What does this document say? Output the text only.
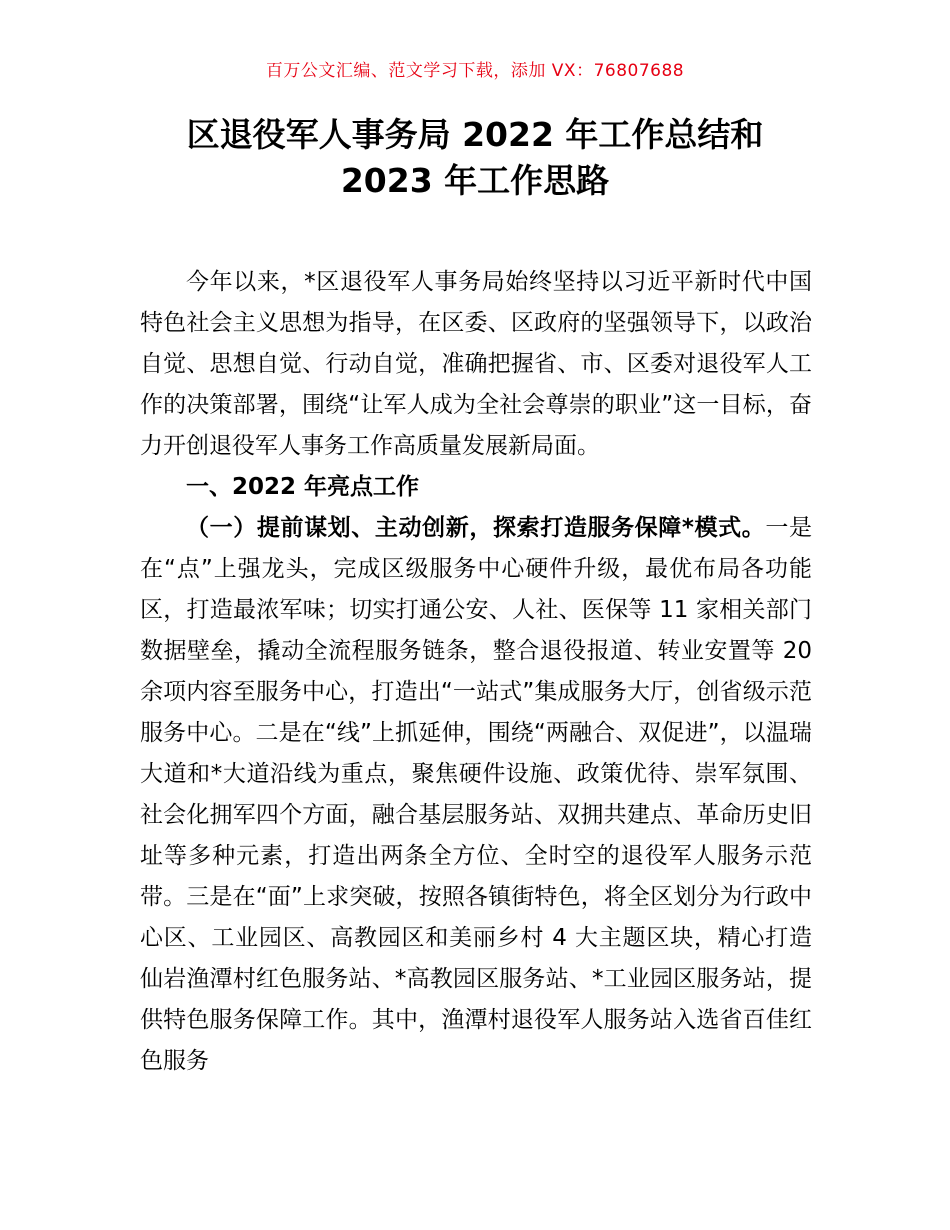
百万公文汇编、范文学习下载，添加 VX：76807688
区退役军人事务局 2022 年工作总结和
2023 年工作思路

今年以来，*区退役军人事务局始终坚持以习近平新时代中国特色社会主义思想为指导，在区委、区政府的坚强领导下，以政治自觉、思想自觉、行动自觉，准确把握省、市、区委对退役军人工作的决策部署，围绕“让军人成为全社会尊崇的职业”这一目标，奋力开创退役军人事务工作高质量发展新局面。

一、2022 年亮点工作

（一）提前谋划、主动创新，探索打造服务保障*模式。一是在“点”上强龙头，完成区级服务中心硬件升级，最优布局各功能区，打造最浓军味；切实打通公安、人社、医保等 11 家相关部门数据壁垒，撬动全流程服务链条，整合退役报道、转业安置等 20 余项内容至服务中心，打造出“一站式”集成服务大厅，创省级示范服务中心。二是在“线”上抓延伸，围绕“两融合、双促进”，以温瑞大道和*大道沿线为重点，聚焦硬件设施、政策优待、崇军氛围、社会化拥军四个方面，融合基层服务站、双拥共建点、革命历史旧址等多种元素，打造出两条全方位、全时空的退役军人服务示范带。三是在“面”上求突破，按照各镇街特色，将全区划分为行政中心区、工业园区、高教园区和美丽乡村 4 大主题区块，精心打造仙岩渔潭村红色服务站、*高教园区服务站、*工业园区服务站，提供特色服务保障工作。其中，渔潭村退役军人服务站入选省百佳红色服务
